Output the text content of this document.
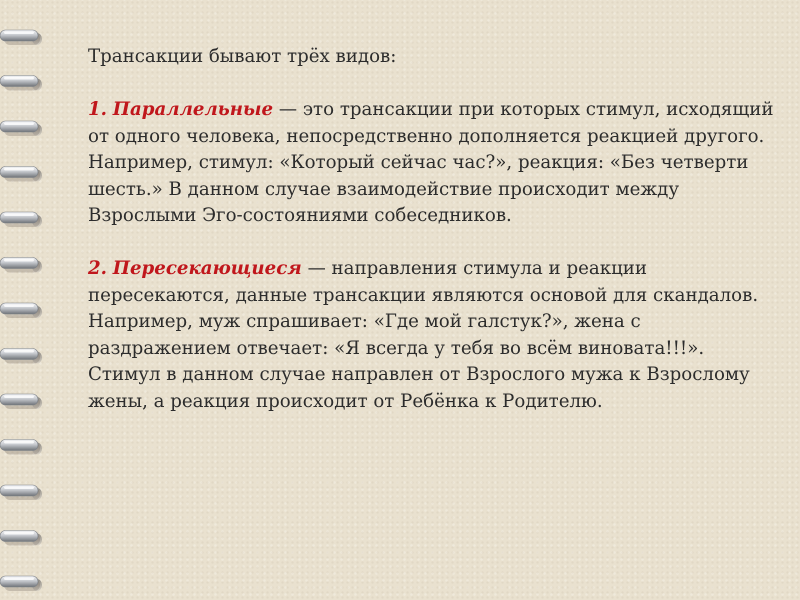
Трансакции бывают трёх видов:

1. Параллельные — это трансакции при которых стимул, исходящий от одного человека, непосредственно дополняется реакцией другого. Например, стимул: «Который сейчас час?», реакция: «Без четверти шесть.» В данном случае взаимодействие происходит между Взрослыми Эго-состояниями собеседников.

2. Пересекающиеся — направления стимула и реакции пересекаются, данные трансакции являются основой для скандалов. Например, муж спрашивает: «Где мой галстук?», жена с раздражением отвечает: «Я всегда у тебя во всём виновата!!!». Стимул в данном случае направлен от Взрослого мужа к Взрослому жены, а реакция происходит от Ребёнка к Родителю.
